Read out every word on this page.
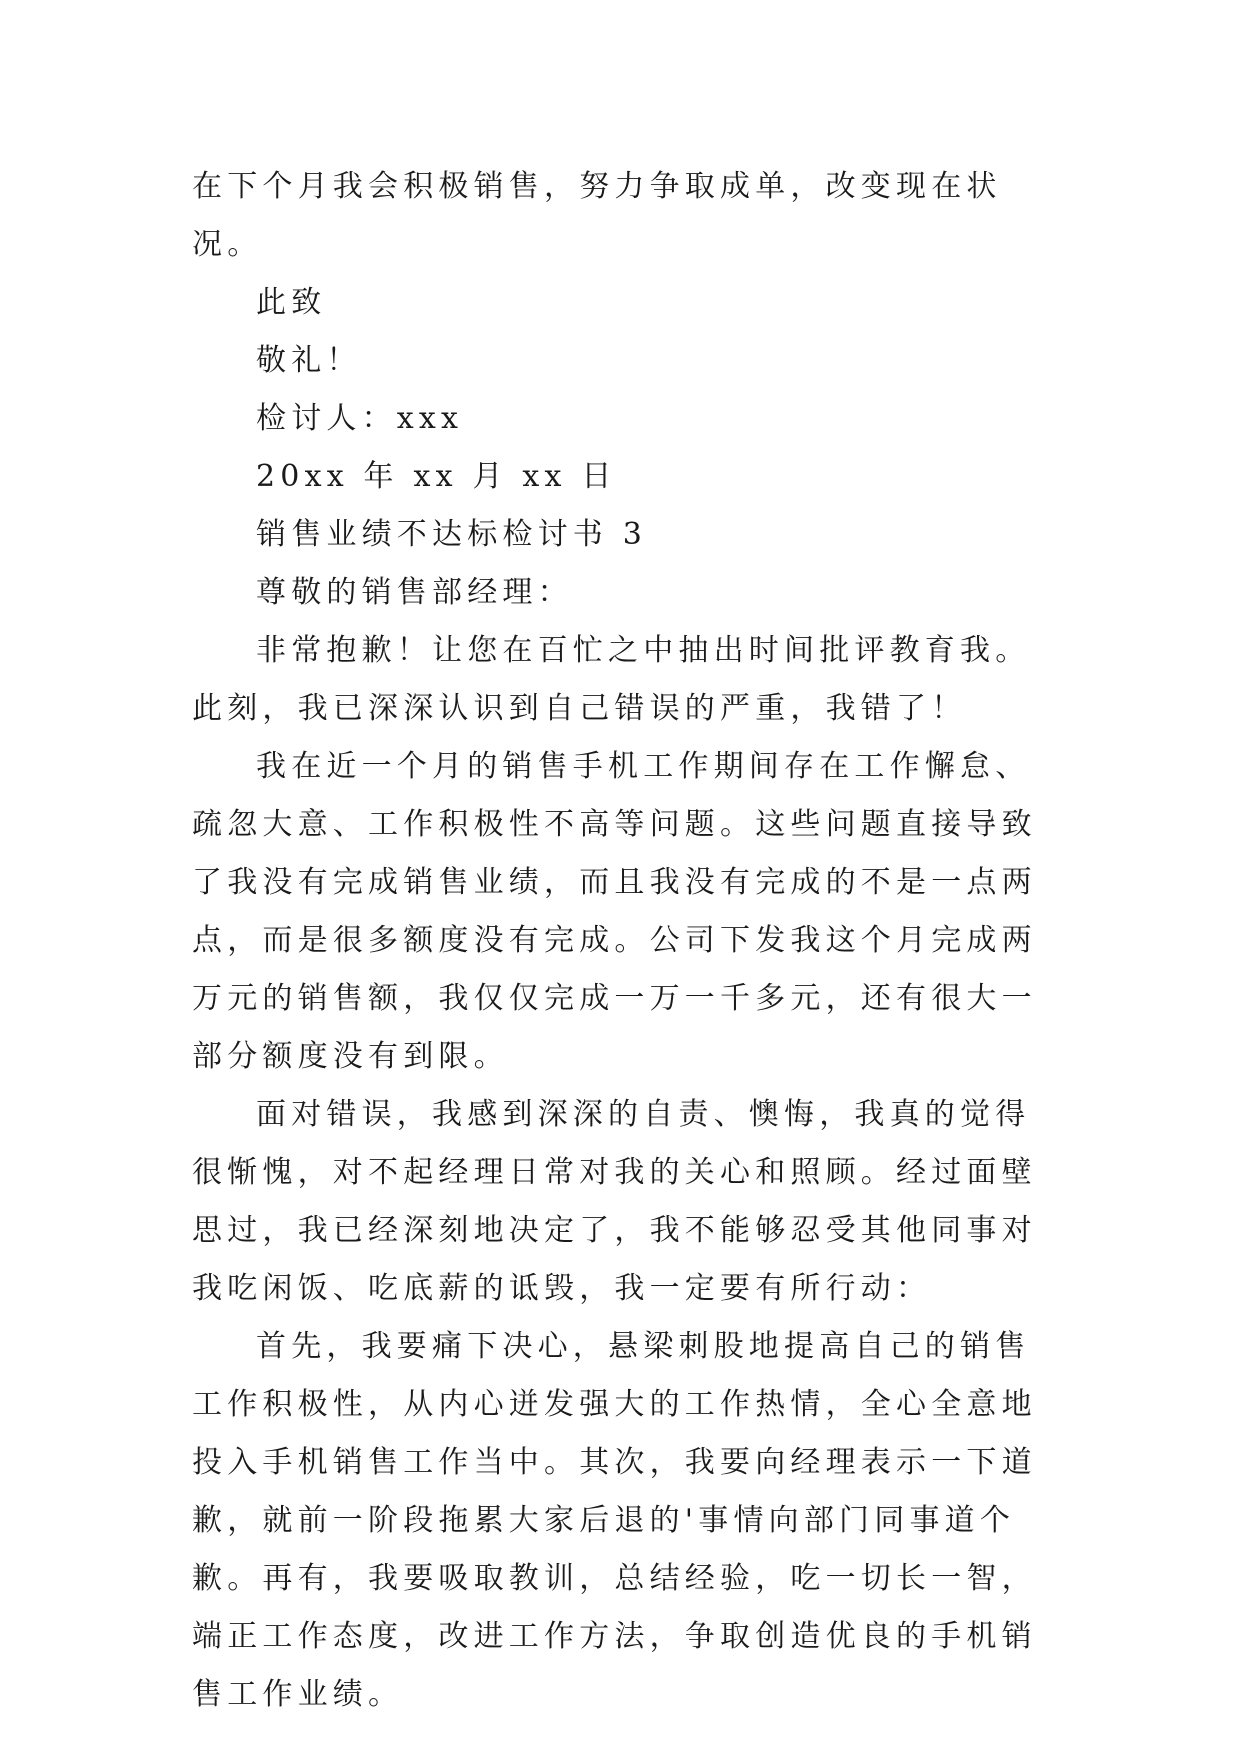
在下个月我会积极销售，努力争取成单，改变现在状况。

此致

敬礼！

检讨人：xxx

20xx 年 xx 月 xx 日

销售业绩不达标检讨书 3

尊敬的销售部经理：

非常抱歉！让您在百忙之中抽出时间批评教育我。此刻，我已深深认识到自己错误的严重，我错了！

我在近一个月的销售手机工作期间存在工作懈怠、疏忽大意、工作积极性不高等问题。这些问题直接导致了我没有完成销售业绩，而且我没有完成的不是一点两点，而是很多额度没有完成。公司下发我这个月完成两万元的销售额，我仅仅完成一万一千多元，还有很大一部分额度没有到限。

面对错误，我感到深深的自责、懊悔，我真的觉得很惭愧，对不起经理日常对我的关心和照顾。经过面壁思过，我已经深刻地决定了，我不能够忍受其他同事对我吃闲饭、吃底薪的诋毁，我一定要有所行动：

首先，我要痛下决心，悬梁刺股地提高自己的销售工作积极性，从内心迸发强大的工作热情，全心全意地投入手机销售工作当中。其次，我要向经理表示一下道歉，就前一阶段拖累大家后退的'事情向部门同事道个歉。再有，我要吸取教训，总结经验，吃一切长一智，端正工作态度，改进工作方法，争取创造优良的手机销售工作业绩。
